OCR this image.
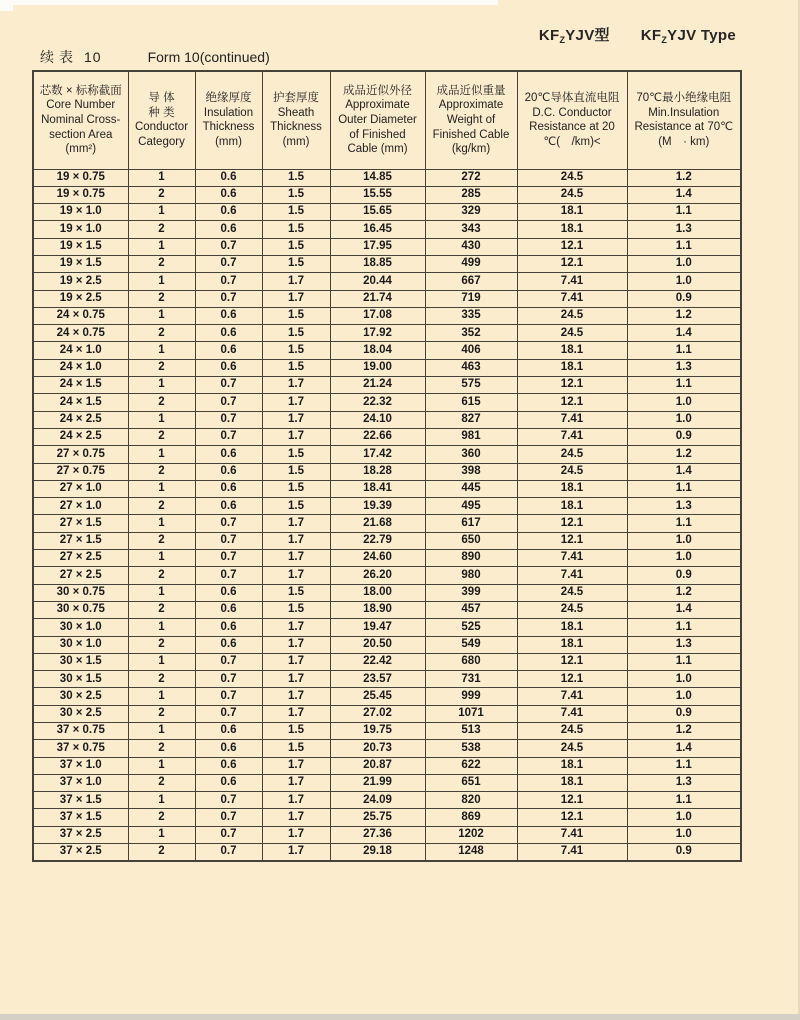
$KF_ZYJV$型 $KF_ZYJV$ Type
续表 10	Form 10(continued)
芯数 × 标称截面
Core Number
Nominal Cross-
section Area
(mm²)

导 体
种 类
Conductor
Category

绝缘厚度
Insulation
Thickness
(mm)

护套厚度
Sheath
Thickness
(mm)

成品近似外径
Approximate
Outer Diameter
of Finished
Cable (mm)

成品近似重量
Approximate
Weight of
Finished Cable
(kg/km)

20℃导体直流电阻
D.C. Conductor
Resistance at 20
℃(　/km)<

70℃最小绝缘电阻
Min.Insulation
Resistance at 70℃
(M　· km)

19 × 0.75	1	0.6	1.5	14.85	272	24.5	1.2
19 × 0.75	2	0.6	1.5	15.55	285	24.5	1.4
19 × 1.0	1	0.6	1.5	15.65	329	18.1	1.1
19 × 1.0	2	0.6	1.5	16.45	343	18.1	1.3
19 × 1.5	1	0.7	1.5	17.95	430	12.1	1.1
19 × 1.5	2	0.7	1.5	18.85	499	12.1	1.0
19 × 2.5	1	0.7	1.7	20.44	667	7.41	1.0
19 × 2.5	2	0.7	1.7	21.74	719	7.41	0.9
24 × 0.75	1	0.6	1.5	17.08	335	24.5	1.2
24 × 0.75	2	0.6	1.5	17.92	352	24.5	1.4
24 × 1.0	1	0.6	1.5	18.04	406	18.1	1.1
24 × 1.0	2	0.6	1.5	19.00	463	18.1	1.3
24 × 1.5	1	0.7	1.7	21.24	575	12.1	1.1
24 × 1.5	2	0.7	1.7	22.32	615	12.1	1.0
24 × 2.5	1	0.7	1.7	24.10	827	7.41	1.0
24 × 2.5	2	0.7	1.7	22.66	981	7.41	0.9
27 × 0.75	1	0.6	1.5	17.42	360	24.5	1.2
27 × 0.75	2	0.6	1.5	18.28	398	24.5	1.4
27 × 1.0	1	0.6	1.5	18.41	445	18.1	1.1
27 × 1.0	2	0.6	1.5	19.39	495	18.1	1.3
27 × 1.5	1	0.7	1.7	21.68	617	12.1	1.1
27 × 1.5	2	0.7	1.7	22.79	650	12.1	1.0
27 × 2.5	1	0.7	1.7	24.60	890	7.41	1.0
27 × 2.5	2	0.7	1.7	26.20	980	7.41	0.9
30 × 0.75	1	0.6	1.5	18.00	399	24.5	1.2
30 × 0.75	2	0.6	1.5	18.90	457	24.5	1.4
30 × 1.0	1	0.6	1.7	19.47	525	18.1	1.1
30 × 1.0	2	0.6	1.7	20.50	549	18.1	1.3
30 × 1.5	1	0.7	1.7	22.42	680	12.1	1.1
30 × 1.5	2	0.7	1.7	23.57	731	12.1	1.0
30 × 2.5	1	0.7	1.7	25.45	999	7.41	1.0
30 × 2.5	2	0.7	1.7	27.02	1071	7.41	0.9
37 × 0.75	1	0.6	1.5	19.75	513	24.5	1.2
37 × 0.75	2	0.6	1.5	20.73	538	24.5	1.4
37 × 1.0	1	0.6	1.7	20.87	622	18.1	1.1
37 × 1.0	2	0.6	1.7	21.99	651	18.1	1.3
37 × 1.5	1	0.7	1.7	24.09	820	12.1	1.1
37 × 1.5	2	0.7	1.7	25.75	869	12.1	1.0
37 × 2.5	1	0.7	1.7	27.36	1202	7.41	1.0
37 × 2.5	2	0.7	1.7	29.18	1248	7.41	0.9
